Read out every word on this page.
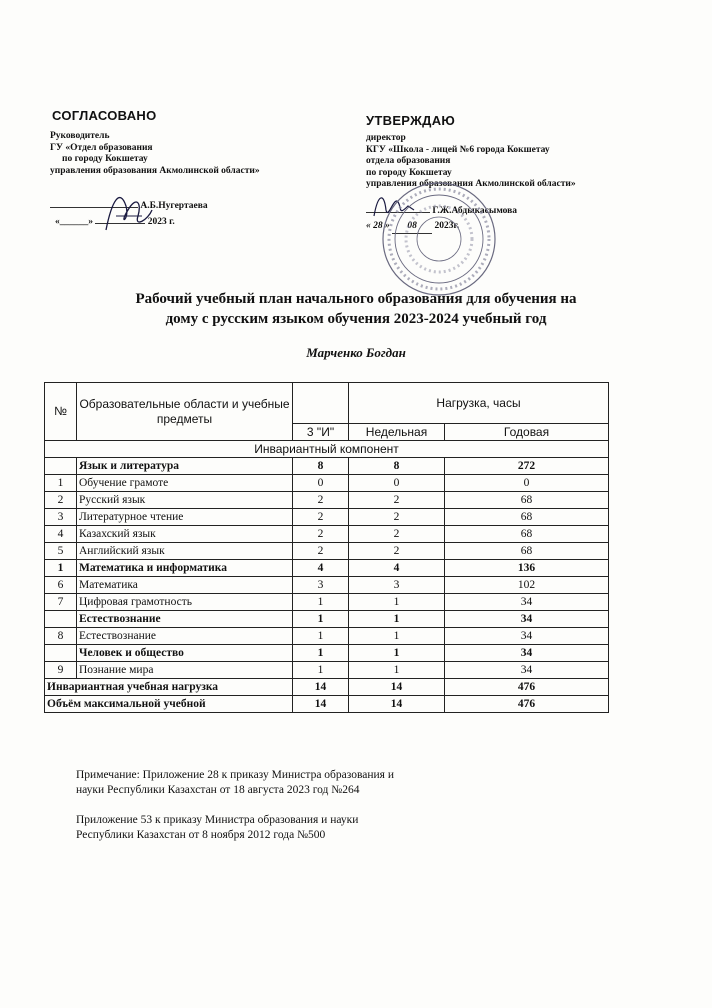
СОГЛАСОВАНО
Руководитель
ГУ «Отдел образования
по городу Кокшетау
управления образования Акмолинской области»
А.Б.Нугертаева
«______»	2023 г.
УТВЕРЖДАЮ
директор
КГУ «Школа - лицей №6 города Кокшетау
отдела образования
по городу Кокшетау
управления образования Акмолинской области»
Г.Ж.Абдыкасымова
« 28 » 08 2023г.
Рабочий учебный план начального образования для обучения на
дому с русским языком обучения 2023-2024 учебный год
Марченко Богдан
№	Образовательные области и учебные предметы		Нагрузка, часы	
		3 "И"	Недельная	Годовая
Инвариантный компонент				
	Язык и литература	8	8	272
1	Обучение грамоте	0	0	0
2	Русский язык	2	2	68
3	Литературное чтение	2	2	68
4	Казахский язык	2	2	68
5	Английский язык	2	2	68
1	Математика и информатика	4	4	136
6	Математика	3	3	102
7	Цифровая грамотность	1	1	34
	Естествознание	1	1	34
8	Естествознание	1	1	34
	Человек и общество	1	1	34
9	Познание мира	1	1	34
Инвариантная учебная нагрузка		14	14	476
Объём максимальной учебной		14	14	476
Примечание: Приложение 28 к приказу Министра образования и
науки Республики Казахстан от 18 августа 2023 год №264
Приложение 53 к приказу Министра образования и науки
Республики Казахстан от 8 ноября 2012 года №500
